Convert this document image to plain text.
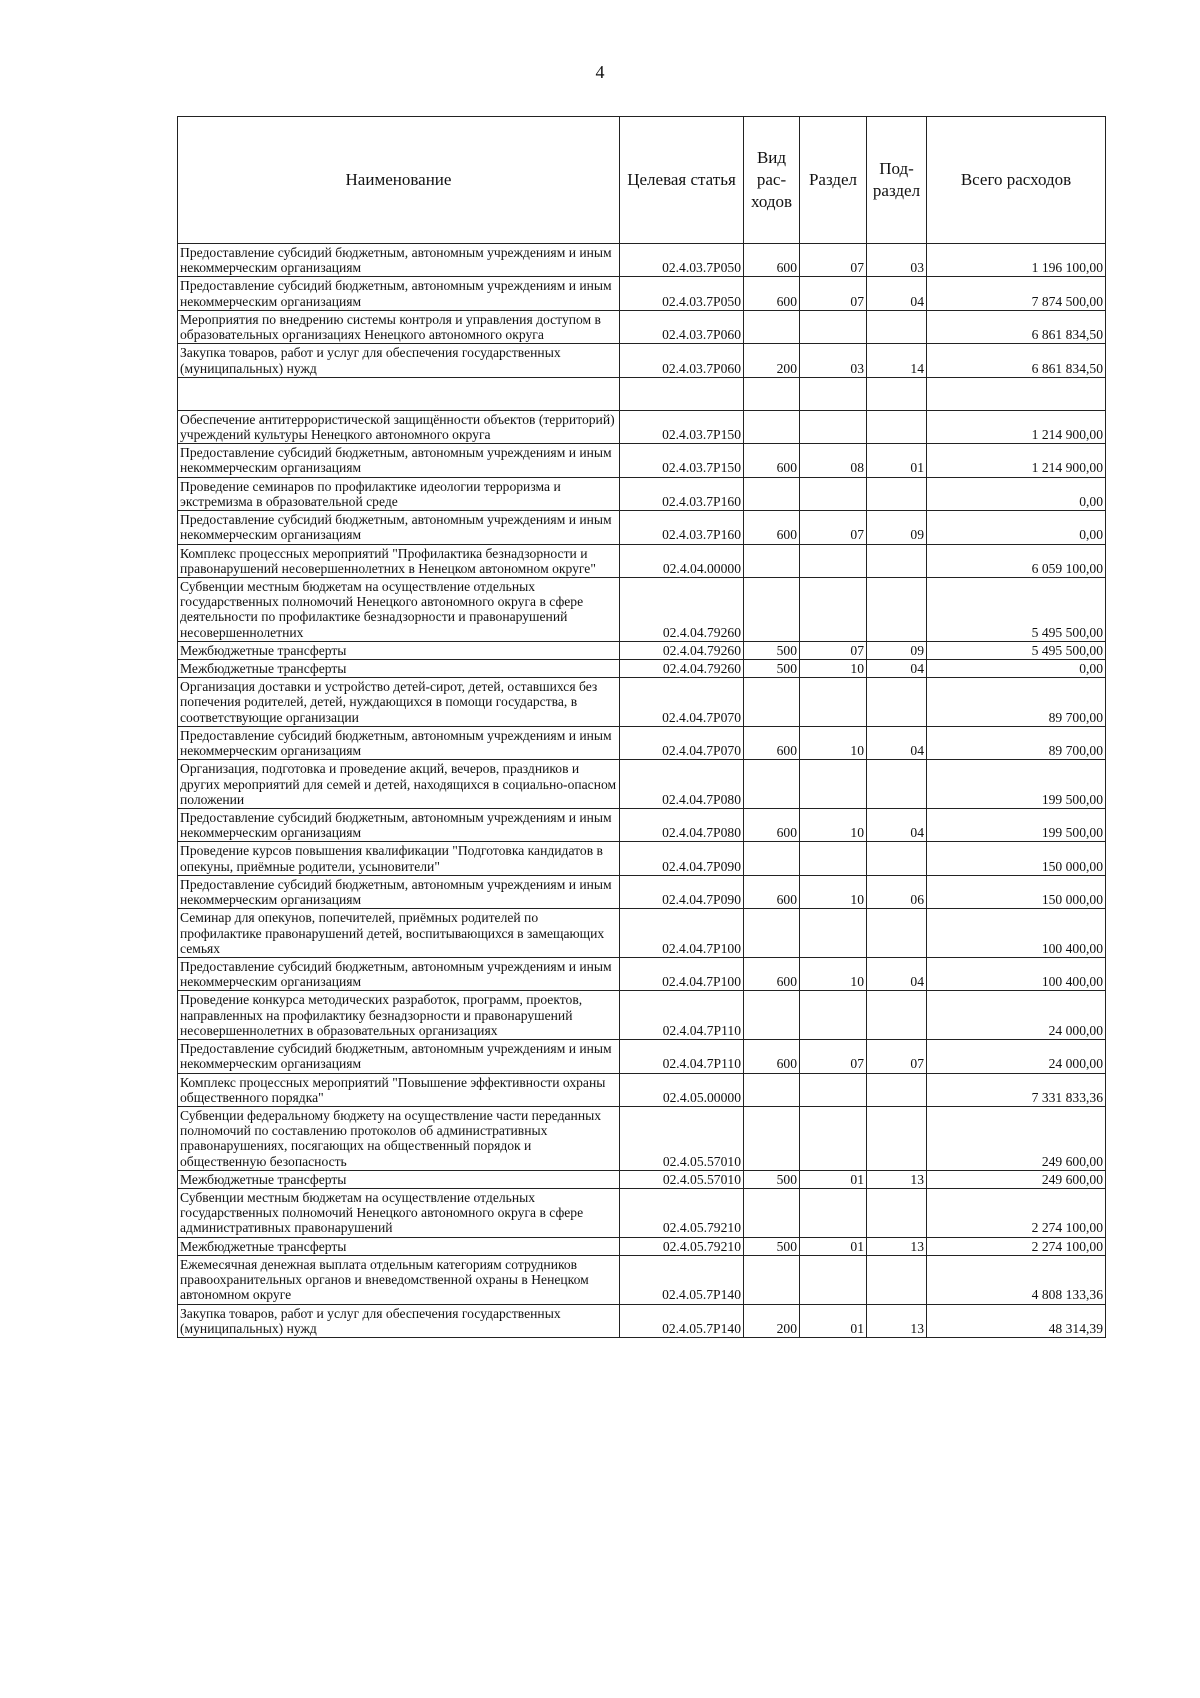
4
Наименование	Целевая статья	Вид
рас-
ходов	Раздел	Под-
раздел	Всего расходов
Предоставление субсидий бюджетным, автономным учреждениям и иным некоммерческим организациям	02.4.03.7Р050	600	07	03	1 196 100,00
Предоставление субсидий бюджетным, автономным учреждениям и иным некоммерческим организациям	02.4.03.7Р050	600	07	04	7 874 500,00
Мероприятия по внедрению системы контроля и управления доступом в образовательных организациях Ненецкого автономного округа	02.4.03.7Р060				6 861 834,50
Закупка товаров, работ и услуг для обеспечения государственных (муниципальных) нужд	02.4.03.7Р060	200	03	14	6 861 834,50

Обеспечение антитеррористической защищённости объектов (территорий) учреждений культуры Ненецкого автономного округа	02.4.03.7Р150				1 214 900,00
Предоставление субсидий бюджетным, автономным учреждениям и иным некоммерческим организациям	02.4.03.7Р150	600	08	01	1 214 900,00
Проведение семинаров по профилактике идеологии терроризма и экстремизма в образовательной среде	02.4.03.7Р160				0,00
Предоставление субсидий бюджетным, автономным учреждениям и иным некоммерческим организациям	02.4.03.7Р160	600	07	09	0,00
Комплекс процессных мероприятий "Профилактика безнадзорности и правонарушений несовершеннолетних в Ненецком автономном округе"	02.4.04.00000				6 059 100,00
Субвенции местным бюджетам на осуществление отдельных государственных полномочий Ненецкого автономного округа в сфере деятельности по профилактике безнадзорности и правонарушений несовершеннолетних	02.4.04.79260				5 495 500,00
Межбюджетные трансферты	02.4.04.79260	500	07	09	5 495 500,00
Межбюджетные трансферты	02.4.04.79260	500	10	04	0,00
Организация доставки и устройство детей-сирот, детей, оставшихся без попечения родителей, детей, нуждающихся в помощи государства, в соответствующие организации	02.4.04.7Р070				89 700,00
Предоставление субсидий бюджетным, автономным учреждениям и иным некоммерческим организациям	02.4.04.7Р070	600	10	04	89 700,00
Организация, подготовка и проведение акций, вечеров, праздников и других мероприятий для семей и детей, находящихся в социально-опасном положении	02.4.04.7Р080				199 500,00
Предоставление субсидий бюджетным, автономным учреждениям и иным некоммерческим организациям	02.4.04.7Р080	600	10	04	199 500,00
Проведение курсов повышения квалификации "Подготовка кандидатов в опекуны, приёмные родители, усыновители"	02.4.04.7Р090				150 000,00
Предоставление субсидий бюджетным, автономным учреждениям и иным некоммерческим организациям	02.4.04.7Р090	600	10	06	150 000,00
Семинар для опекунов, попечителей, приёмных родителей по профилактике правонарушений детей, воспитывающихся в замещающих семьях	02.4.04.7Р100				100 400,00
Предоставление субсидий бюджетным, автономным учреждениям и иным некоммерческим организациям	02.4.04.7Р100	600	10	04	100 400,00
Проведение конкурса методических разработок, программ, проектов, направленных на профилактику безнадзорности и правонарушений несовершеннолетних в образовательных организациях	02.4.04.7Р110				24 000,00
Предоставление субсидий бюджетным, автономным учреждениям и иным некоммерческим организациям	02.4.04.7Р110	600	07	07	24 000,00
Комплекс процессных мероприятий "Повышение эффективности охраны общественного порядка"	02.4.05.00000				7 331 833,36
Субвенции федеральному бюджету на осуществление части переданных полномочий по составлению протоколов об административных правонарушениях, посягающих на общественный порядок и общественную безопасность	02.4.05.57010				249 600,00
Межбюджетные трансферты	02.4.05.57010	500	01	13	249 600,00
Субвенции местным бюджетам на осуществление отдельных государственных полномочий Ненецкого автономного округа в сфере административных правонарушений	02.4.05.79210				2 274 100,00
Межбюджетные трансферты	02.4.05.79210	500	01	13	2 274 100,00
Ежемесячная денежная выплата отдельным категориям сотрудников правоохранительных органов и вневедомственной охраны в Ненецком автономном округе	02.4.05.7Р140				4 808 133,36
Закупка товаров, работ и услуг для обеспечения государственных (муниципальных) нужд	02.4.05.7Р140	200	01	13	48 314,39
